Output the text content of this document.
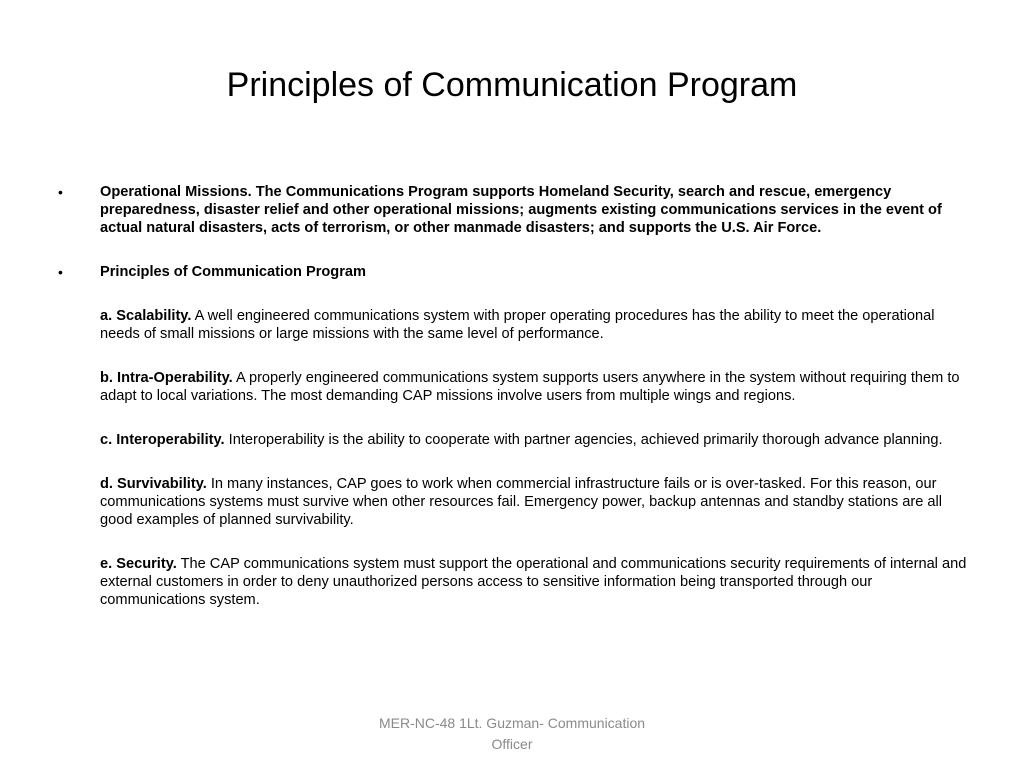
Principles of Communication Program
•	Operational Missions. The Communications Program supports Homeland Security, search and rescue, emergency preparedness, disaster relief and other operational missions; augments existing communications services in the event of actual natural disasters, acts of terrorism, or other manmade disasters; and supports the U.S. Air Force.
•	Principles of Communication Program
a. Scalability. A well engineered communications system with proper operating procedures has the ability to meet the operational needs of small missions or large missions with the same level of performance.
b. Intra-Operability. A properly engineered communications system supports users anywhere in the system without requiring them to adapt to local variations. The most demanding CAP missions involve users from multiple wings and regions.
c. Interoperability. Interoperability is the ability to cooperate with partner agencies, achieved primarily thorough advance planning.
d. Survivability. In many instances, CAP goes to work when commercial infrastructure fails or is over-tasked. For this reason, our communications systems must survive when other resources fail. Emergency power, backup antennas and standby stations are all good examples of planned survivability.
e. Security. The CAP communications system must support the operational and communications security requirements of internal and external customers in order to deny unauthorized persons access to sensitive information being transported through our communications system.
MER-NC-48 1Lt. Guzman- Communication
Officer
